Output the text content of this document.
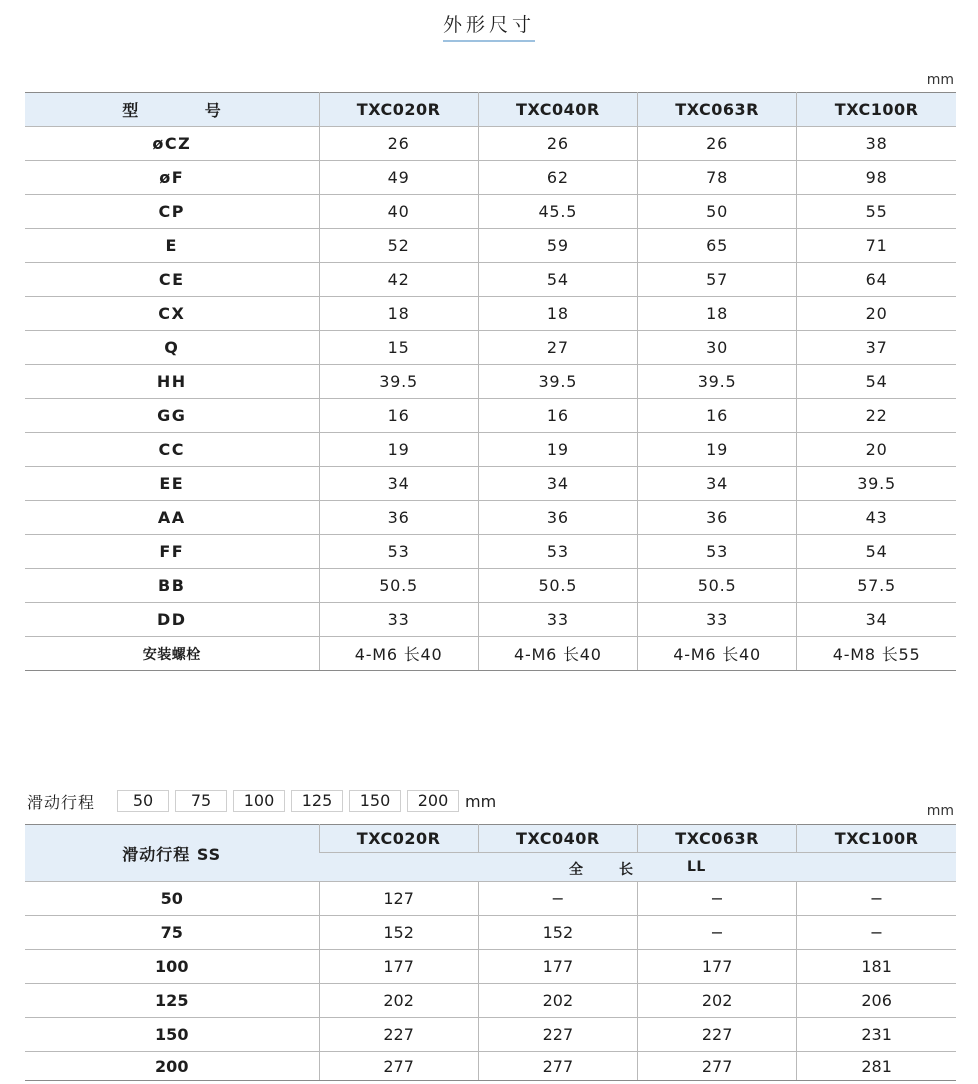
外形尺寸
mm
型　　　　号	TXC020R	TXC040R	TXC063R	TXC100R
øCZ	26	26	26	38
øF	49	62	78	98
CP	40	45.5	50	55
E	52	59	65	71
CE	42	54	57	64
CX	18	18	18	20
Q	15	27	30	37
HH	39.5	39.5	39.5	54
GG	16	16	16	22
CC	19	19	19	20
EE	34	34	34	39.5
AA	36	36	36	43
FF	53	53	53	54
BB	50.5	50.5	50.5	57.5
DD	33	33	33	34
安装螺栓	4-M6 长40	4-M6 长40	4-M6 长40	4-M8 长55
mm
滑动行程	50	75	100	125	150	200	mm
滑动行程 SS	TXC020R	TXC040R	TXC063R	TXC100R

	全 长 LL			

50	127	−	−	−
75	152	152	−	−
100	177	177	177	181
125	202	202	202	206
150	227	227	227	231
200	277	277	277	281
